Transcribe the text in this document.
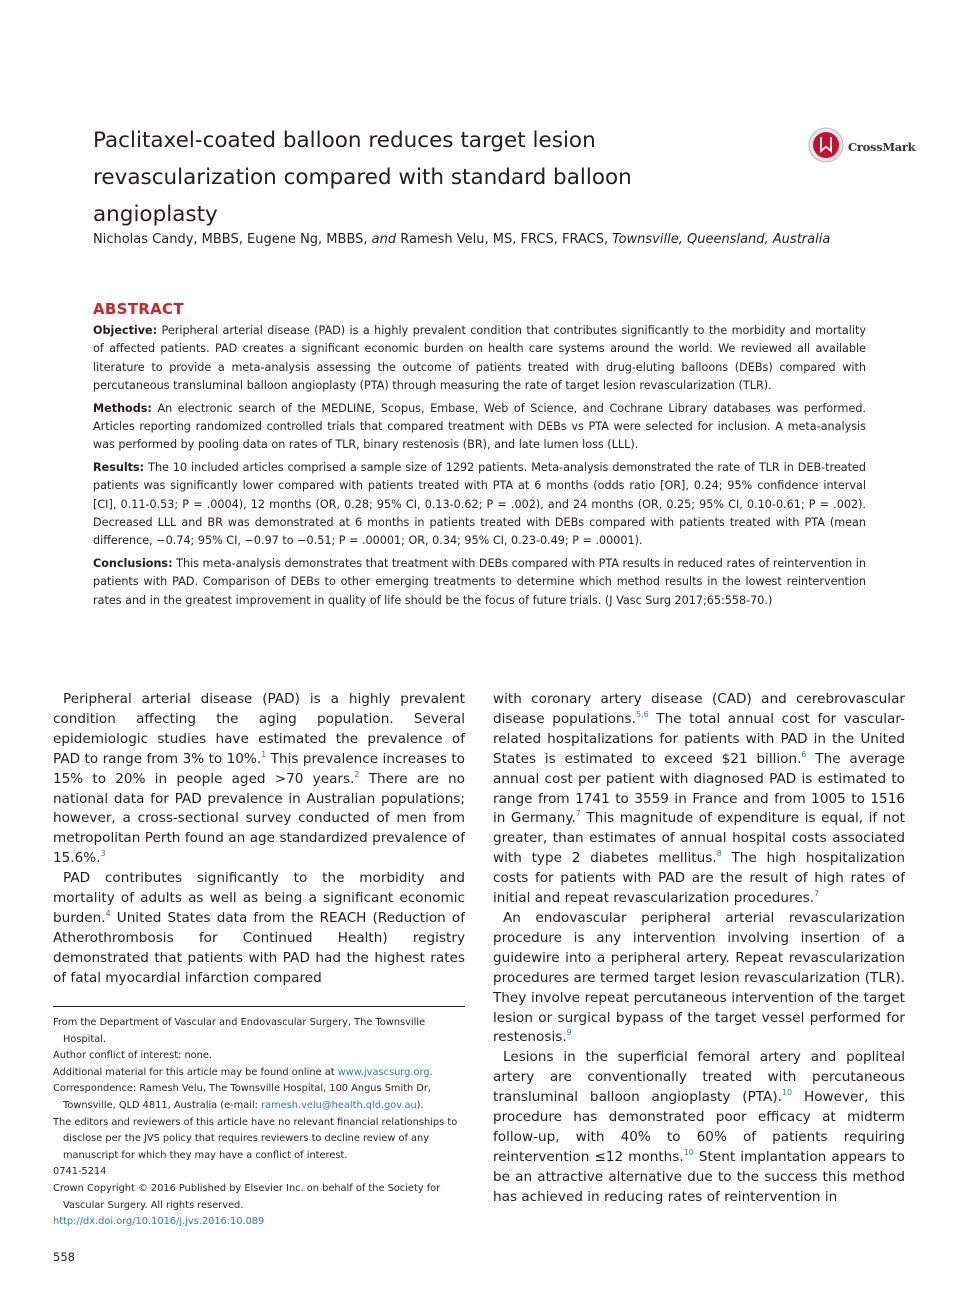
Paclitaxel-coated balloon reduces target lesion revascularization compared with standard balloon angioplasty
CrossMark
Nicholas Candy, MBBS, Eugene Ng, MBBS, and Ramesh Velu, MS, FRCS, FRACS, Townsville, Queensland, Australia
ABSTRACT

Objective: Peripheral arterial disease (PAD) is a highly prevalent condition that contributes significantly to the morbidity and mortality of affected patients. PAD creates a significant economic burden on health care systems around the world. We reviewed all available literature to provide a meta-analysis assessing the outcome of patients treated with drug-eluting balloons (DEBs) compared with percutaneous transluminal balloon angioplasty (PTA) through measuring the rate of target lesion revascularization (TLR).

Methods: An electronic search of the MEDLINE, Scopus, Embase, Web of Science, and Cochrane Library databases was performed. Articles reporting randomized controlled trials that compared treatment with DEBs vs PTA were selected for inclusion. A meta-analysis was performed by pooling data on rates of TLR, binary restenosis (BR), and late lumen loss (LLL).

Results: The 10 included articles comprised a sample size of 1292 patients. Meta-analysis demonstrated the rate of TLR in DEB-treated patients was significantly lower compared with patients treated with PTA at 6 months (odds ratio [OR], 0.24; 95% confidence interval [CI], 0.11-0.53; P = .0004), 12 months (OR, 0.28; 95% CI, 0.13-0.62; P = .002), and 24 months (OR, 0.25; 95% CI, 0.10-0.61; P = .002). Decreased LLL and BR was demonstrated at 6 months in patients treated with DEBs compared with patients treated with PTA (mean difference, −0.74; 95% CI, −0.97 to −0.51; P = .00001; OR, 0.34; 95% CI, 0.23-0.49; P = .00001).

Conclusions: This meta-analysis demonstrates that treatment with DEBs compared with PTA results in reduced rates of reintervention in patients with PAD. Comparison of DEBs to other emerging treatments to determine which method results in the lowest reintervention rates and in the greatest improvement in quality of life should be the focus of future trials. (J Vasc Surg 2017;65:558-70.)

Peripheral arterial disease (PAD) is a highly prevalent condition affecting the aging population. Several epidemiologic studies have estimated the prevalence of PAD to range from 3% to 10%.$^1$ This prevalence increases to 15% to 20% in people aged >70 years.$^2$ There are no national data for PAD prevalence in Australian populations; however, a cross-sectional survey conducted of men from metropolitan Perth found an age standardized prevalence of 15.6%.$^3$

PAD contributes significantly to the morbidity and mortality of adults as well as being a significant economic burden.$^4$ United States data from the REACH (Reduction of Atherothrombosis for Continued Health) registry demonstrated that patients with PAD had the highest rates of fatal myocardial infarction compared

with coronary artery disease (CAD) and cerebrovascular disease populations.$^{5,6}$ The total annual cost for vascular-related hospitalizations for patients with PAD in the United States is estimated to exceed $21 billion.$^6$ The average annual cost per patient with diagnosed PAD is estimated to range from 1741 to 3559 in France and from 1005 to 1516 in Germany.$^7$ This magnitude of expenditure is equal, if not greater, than estimates of annual hospital costs associated with type 2 diabetes mellitus.$^8$ The high hospitalization costs for patients with PAD are the result of high rates of initial and repeat revascularization procedures.$^7$

An endovascular peripheral arterial revascularization procedure is any intervention involving insertion of a guidewire into a peripheral artery. Repeat revascularization procedures are termed target lesion revascularization (TLR). They involve repeat percutaneous intervention of the target lesion or surgical bypass of the target vessel performed for restenosis.$^9$

Lesions in the superficial femoral artery and popliteal artery are conventionally treated with percutaneous transluminal balloon angioplasty (PTA).$^{10}$ However, this procedure has demonstrated poor efficacy at midterm follow-up, with 40% to 60% of patients requiring reintervention ≤12 months.$^{10}$ Stent implantation appears to be an attractive alternative due to the success this method has achieved in reducing rates of reintervention in

From the Department of Vascular and Endovascular Surgery, The Townsville Hospital.

Author conflict of interest: none.

Additional material for this article may be found online at www.jvascsurg.org.

Correspondence: Ramesh Velu, The Townsville Hospital, 100 Angus Smith Dr, Townsville, QLD 4811, Australia (e-mail: ramesh.velu@health.qld.gov.au).

The editors and reviewers of this article have no relevant financial relationships to disclose per the JVS policy that requires reviewers to decline review of any manuscript for which they may have a conflict of interest.

0741-5214

Crown Copyright © 2016 Published by Elsevier Inc. on behalf of the Society for Vascular Surgery. All rights reserved.

http://dx.doi.org/10.1016/j.jvs.2016.10.089

558
